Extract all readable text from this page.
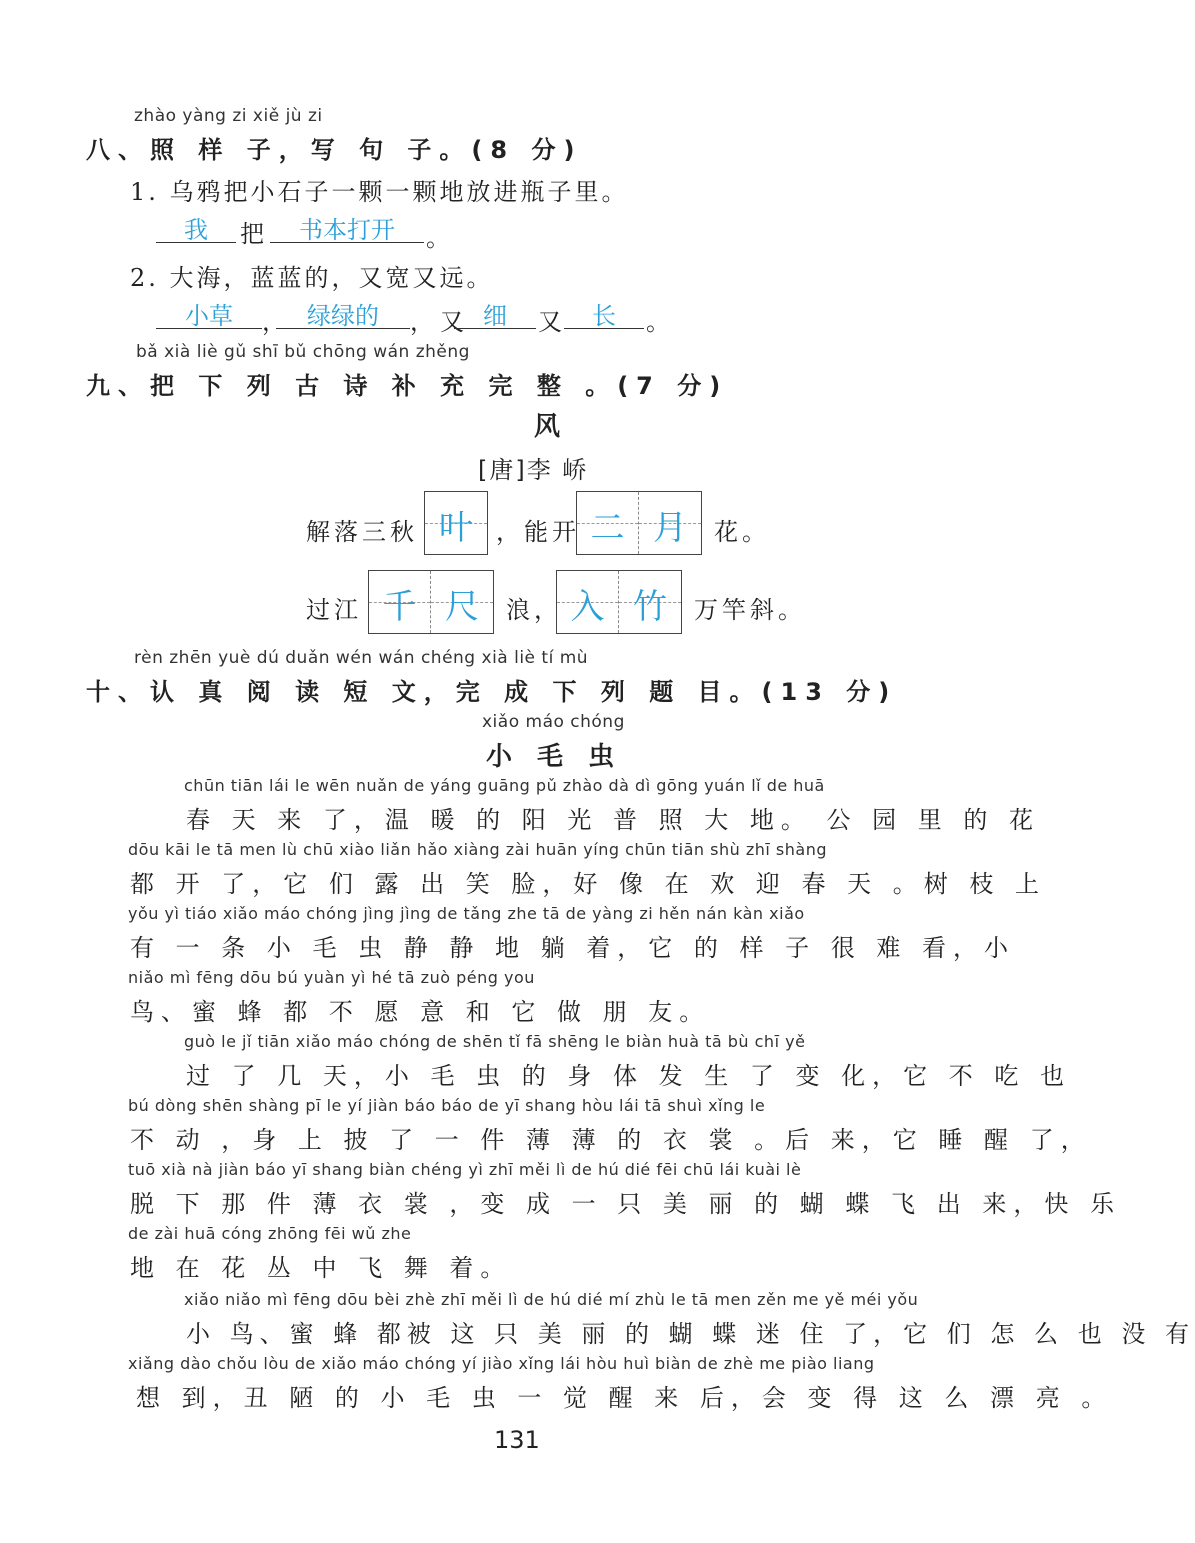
zhào yàng zi xiě jù zi
八、照 样 子，写 句 子。(8 分)
1. 乌鸦把小石子一颗一颗地放进瓶子里。
我	把	书本打开	。
2. 大海，蓝蓝的，又宽又远。
小草	， 绿绿的	，又 细	又	长	。
bǎ xià liè gǔ shī bǔ chōng wán zhěng
九、把 下 列 古 诗 补 充 完 整 。(7 分)
风
[唐]李 峤
解落三秋 叶 ，能开 二 月	花。
过江 千 尺	浪， 入 竹	万竿斜。
rèn zhēn yuè dú duǎn wén wán chéng xià liè tí mù
十、认 真 阅 读 短 文，完 成 下 列 题 目。(13 分)
xiǎo máo chóng
小 毛 虫
chūn tiān lái le wēn nuǎn de yáng guāng pǔ zhào dà dì gōng yuán lǐ de huā
春 天 来 了，温 暖 的 阳 光 普 照 大 地。 公 园 里 的 花
dōu kāi le tā men lù chū xiào liǎn hǎo xiàng zài huān yíng chūn tiān shù zhī shàng
都 开 了，它 们 露 出 笑 脸，好 像 在 欢 迎 春 天 。树 枝 上
yǒu yì tiáo xiǎo máo chóng jìng jìng de tǎng zhe tā de yàng zi hěn nán kàn xiǎo
有 一 条 小 毛 虫 静 静 地 躺 着，它 的 样 子 很 难 看，小
niǎo mì fēng dōu bú yuàn yì hé tā zuò péng you
鸟、蜜 蜂 都 不 愿 意 和 它 做 朋 友。
guò le jǐ tiān xiǎo máo chóng de shēn tǐ fā shēng le biàn huà tā bù chī yě
过 了 几 天，小 毛 虫 的 身 体 发 生 了 变 化，它 不 吃 也
bú dòng shēn shàng pī le yí jiàn báo báo de yī shang hòu lái tā shuì xǐng le
不 动 ，身 上 披 了 一 件 薄 薄 的 衣 裳 。后 来，它 睡 醒 了，
tuō xià nà jiàn báo yī shang biàn chéng yì zhī měi lì de hú dié fēi chū lái kuài lè
脱 下 那 件 薄 衣 裳 ，变 成 一 只 美 丽 的 蝴 蝶 飞 出 来，快 乐
de zài huā cóng zhōng fēi wǔ zhe
地 在 花 丛 中 飞 舞 着。
xiǎo niǎo mì fēng dōu bèi zhè zhī měi lì de hú dié mí zhù le tā men zěn me yě méi yǒu
小 鸟、蜜 蜂 都被 这 只 美 丽 的 蝴 蝶 迷 住 了，它 们 怎 么 也 没 有
xiǎng dào chǒu lòu de xiǎo máo chóng yí jiào xǐng lái hòu huì biàn de zhè me piào liang
想 到，丑 陋 的 小 毛 虫 一 觉 醒 来 后，会 变 得 这 么 漂 亮 。
131
